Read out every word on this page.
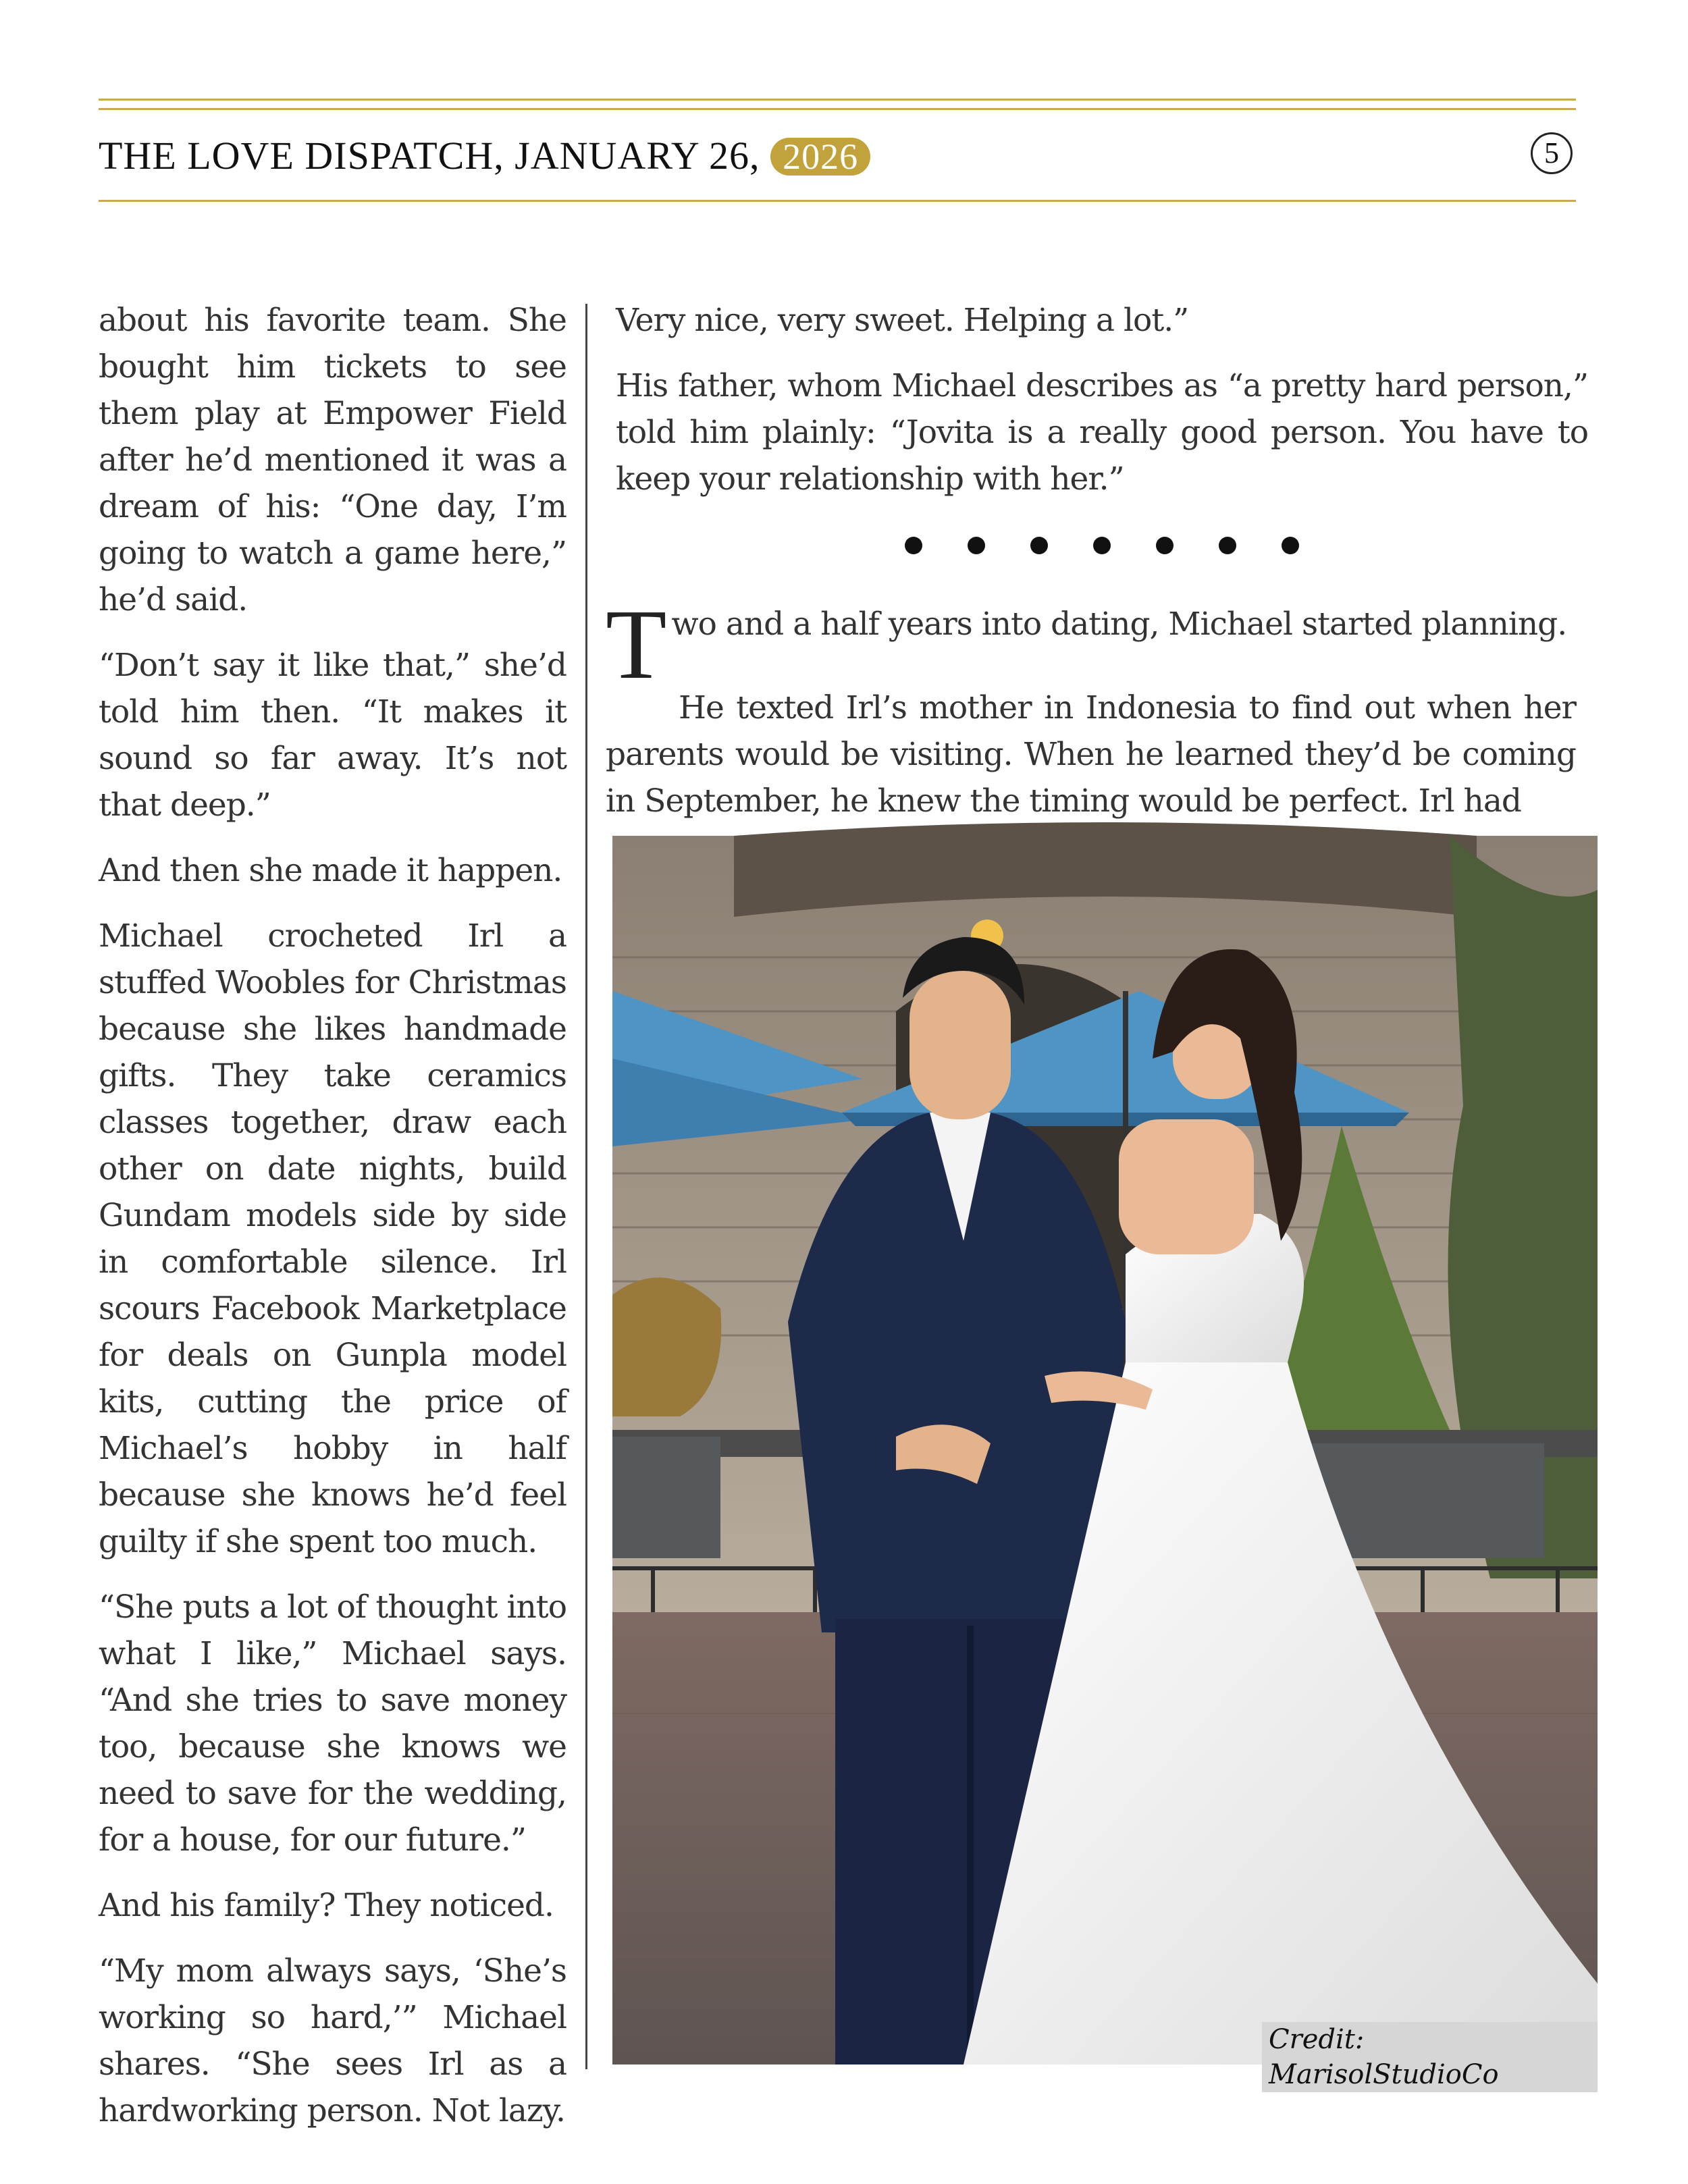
THE LOVE DISPATCH, JANUARY 26, 2026	5

about his favorite team. She bought him tickets to see them play at Empower Field after he’d mentioned it was a dream of his: “One day, I’m going to watch a game here,” he’d said.

“Don’t say it like that,” she’d told him then. “It makes it sound so far away. It’s not that deep.”

And then she made it happen.

Michael crocheted Irl a stuffed Woobles for Christmas because she likes handmade gifts. They take ceramics classes together, draw each other on date nights, build Gundam models side by side in comfortable silence. Irl scours Facebook Marketplace for deals on Gunpla model kits, cutting the price of Michael’s hobby in half because she knows he’d feel guilty if she spent too much.

“She puts a lot of thought into what I like,” Michael says. “And she tries to save money too, because she knows we need to save for the wedding, for a house, for our future.”

And his family? They noticed.

“My mom always says, ‘She’s working so hard,’” Michael shares. “She sees Irl as a hardworking person. Not lazy.

Very nice, very sweet. Helping a lot.”

His father, whom Michael describes as “a pretty hard person,” told him plainly: “Jovita is a really good person. You have to keep your relationship with her.”

T wo and a half years into dating, Michael started planning.

He texted Irl’s mother in Indonesia to find out when her parents would be visiting. When he learned they’d be coming in September, he knew the timing would be perfect. Irl had

Credit: MarisolStudioCo
